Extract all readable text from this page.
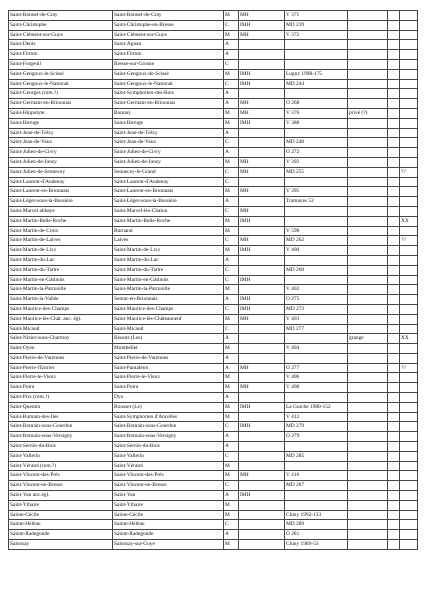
Saint-Bonnet-de-Cray	Saint-Bonnet-de-Cray	M	MH	V 371			
Saint-Christophe	Saint-Christophe-en-Bresse	C	IMH	MD 239			
Saint-Clément-sur-Guye	Saint-Clément-sur-Guye	M	MH	V 372			
Saint-Denis	Saint-Agnan	A					
Saint-Firmin	Saint-Firmin	A					
Saint-Forgeuil	Bresse-sur-Grosne	C					
Saint-Gengoux-le-Scissé	Saint-Gengoux-de-Scissé	M	IMH	Lugny 1998-175			
Saint-Gengoux-le-National	Saint-Gengoux-le-National	C	IMH	MD 244			
Saint-Georges (rom.?)	Saint-Symphorien-des-Bois	A					
Saint-Germain-en-Brionnais	Saint-Germain-en-Brionnais	A	MH	O 268			
Saint-Hippolyte	Bonnay	M	MH	V 376	privé (?)		
Saint-Huruge	Saint-Huruge	M	IMH	V 388			
Saint-Jean-de-Trézy	Saint-Jean-de-Trézy	A					
Saint-Jean-de-Vaux	Saint-Jean-de-Vaux	C		MD 248			
Saint-Julien-de-Civry	Saint-Julien-de-Civry	A		O 272			
Saint-Julien-de-Jonzy	Saint-Julien-de-Jonzy	M	MH	V 392			
Saint-Julien-de-Sennecey	Sennecey-le-Grand	C	MH	MD 255			??
Saint-Laurent-d'Andenay	Saint-Laurent-d'Andenay	C					
Saint-Laurent-en-Brionnais	Saint-Laurent-en-Brionnais	M	MH	V 395			
Saint-Léger-sous-la-Bussière	Saint-Léger-sous-la-Bussière	A		Tramayes 52			
Saint-Marcel abbaye	Saint-Marcel-lès-Chalon	C	MH				
Saint-Martin-Belle-Roche	Saint-Martin-Belle-Roche	M	IMH				XX
Saint-Martin-de-Croix	Burnand	M		V 598			
Saint-Martin-de-Laives	Laives	C	MH	MD 262			??
Saint-Martin-de-Lixy	Saint-Martin-de-Lixy	M	IMH	V 400			
Saint-Martin-du-Lac	Saint-Martin-du-Lac	A					
Saint-Martin-du-Tartre	Saint-Martin-du-Tartre	C		MD 269			
Saint-Martin-en-Gâtinois	Saint-Martin-en-Gâtinois	C	IMH				
Saint-Martin-la-Patrouille	Saint-Martin-la-Patrouille	M		V 402			
Saint-Martin-la-Vallée	Semur-en-Brionnais	A	IMH	O 275			
Saint-Maurice-des-Champs	Saint-Maurice-des-Champs	C	IMH	MD 273			
Saint-Maurice-lès-Chât. anc. égl.	Saint-Maurice-lès-Châteauneuf	M	MH	V 403			
Saint-Micaud	Saint-Micaud	C		MD 277			
Saint-Nizier-sous-Charmoy	Bissots (Les)	A			grange		XX
Saint-Oyen	Montbellet	M		V 404			
Saint-Pierre-de-Varennes	Saint-Pierre-de-Varennes	A					
Saint-Pierre-l'Estrier	Saint-Pantaléon	A	MH	O 277			??
Saint-Pierre-le-Vieux	Saint-Pierre-le-Vieux	M		V 406			
Saint-Point	Saint-Point	M	MH	V 408			
Saint-Prix (rom.?)	Dyo	A					
Saint-Quentin	Rousset (Le)	M	IMH	La Guiche 1980-152			
Saint-Romain-des-Iles	Saint-Symphorien d'Ancelles	M		V 412			
Saint-Romain-sous-Gourdon	Saint-Romain-sous-Gourdon	C	IMH	MD 279			
Saint-Romain-sous-Versigny	Saint-Romain-sous-Versigny	A		O 279			
Saint-Sernin-du-Bois	Saint-Sernin-du-Bois	A					
Saint-Vallerin	Saint-Vallerin	C		MD 285			
Saint-Vérand (rom.?)	Saint-Vérand	M					
Saint-Vincent-des-Prés	Saint-Vincent-des-Prés	M	MH	V 416			
Saint-Vincent-en-Bresse	Saint-Vincent-en-Bresse	C		MD 287			
Saint-Yan anc.égl.	Saint-Yan	A	IMH				
Saint-Ythaire	Saint-Ythaire	M					
Sainte-Cécile	Sainte-Cécile	M		Cluny 1992-133			
Sainte-Hélène	Sainte-Hélène	C		MD 289			
Sainte-Radegonde	Sainte-Radegonde	A		O 281			
Salornay	Salornay-sur-Guye	M		Cluny 1989-53			
